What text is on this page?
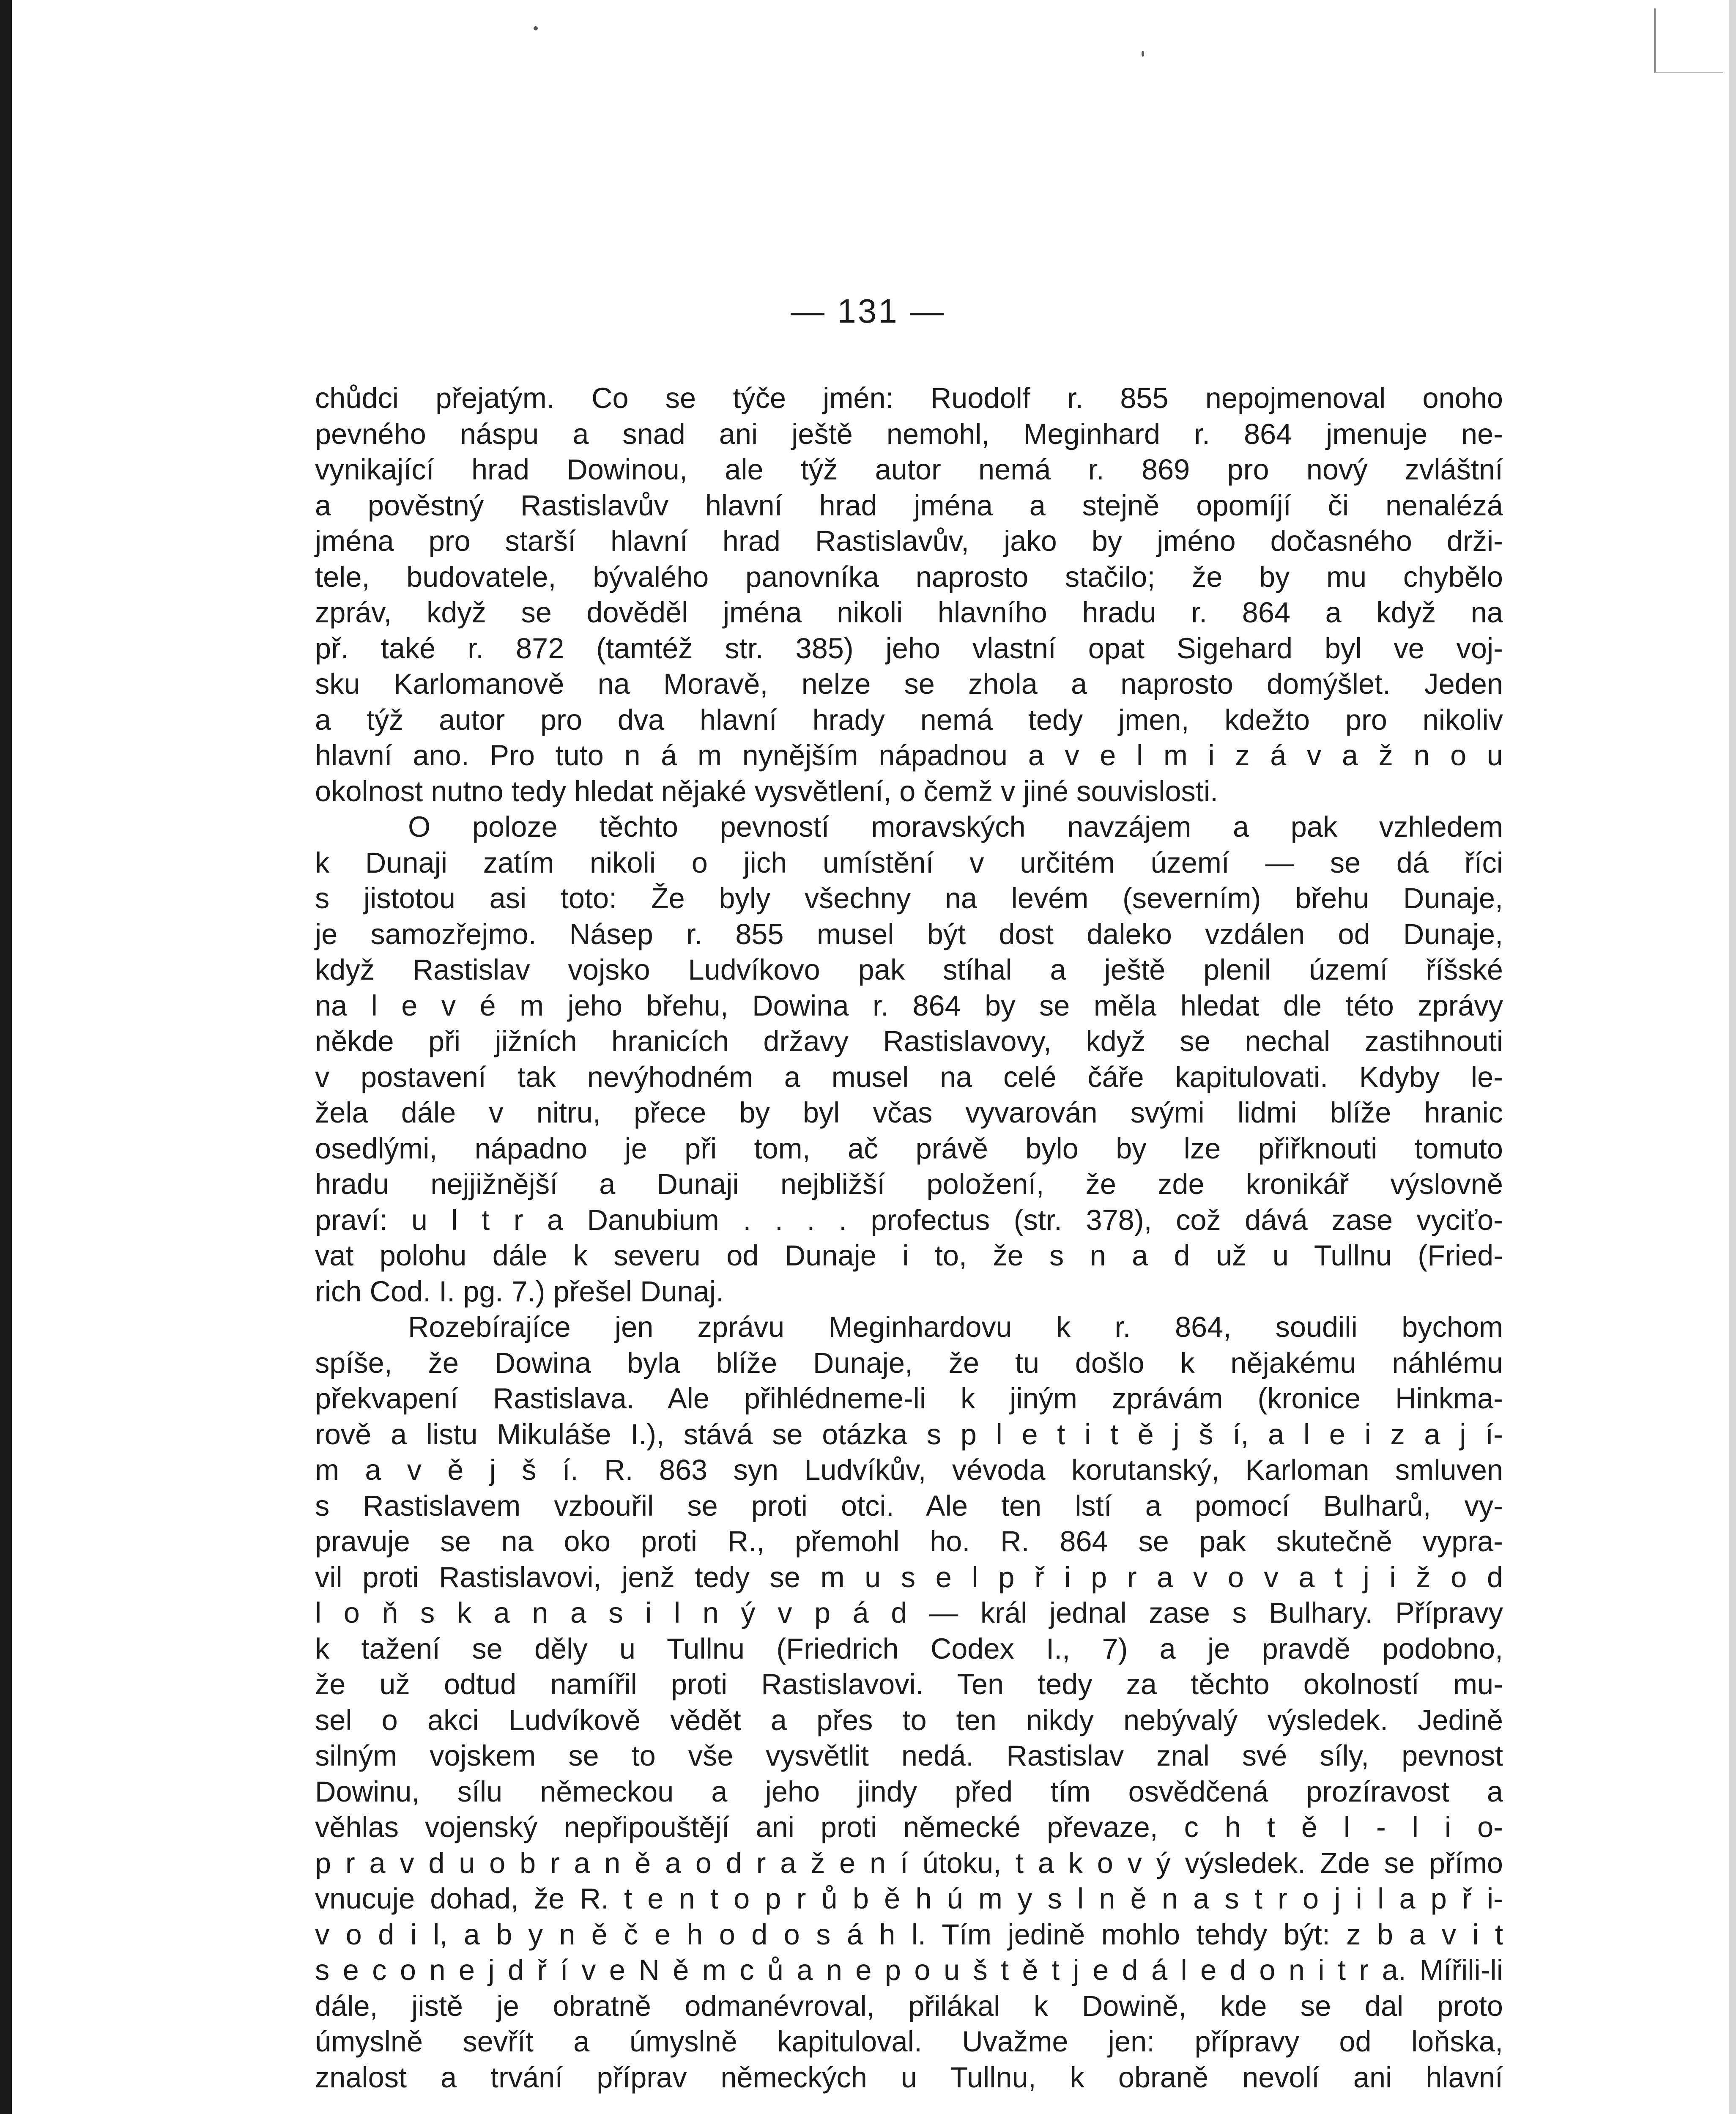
— 131 —

chůdci přejatým. Co se týče jmén: Ruodolf r. 855 nepojmenoval onoho
pevného náspu a snad ani ještě nemohl, Meginhard r. 864 jmenuje ne-
vynikající hrad Dowinou, ale týž autor nemá r. 869 pro nový zvláštní
a pověstný Rastislavův hlavní hrad jména a stejně opomíjí či nenalézá
jména pro starší hlavní hrad Rastislavův, jako by jméno dočasného drži-
tele, budovatele, bývalého panovníka naprosto stačilo; že by mu chybělo
zpráv, když se dověděl jména nikoli hlavního hradu r. 864 a když na
př. také r. 872 (tamtéž str. 385) jeho vlastní opat Sigehard byl ve voj-
sku Karlomanově na Moravě, nelze se zhola a naprosto domýšlet. Jeden
a týž autor pro dva hlavní hrady nemá tedy jmen, kdežto pro nikoliv
hlavní ano. Pro tuto n á m nynějším nápadnou a v e l m i z á v a ž n o u
okolnost nutno tedy hledat nějaké vysvětlení, o čemž v jiné souvislosti.

O poloze těchto pevností moravských navzájem a pak vzhledem
k Dunaji zatím nikoli o jich umístění v určitém území — se dá říci
s jistotou asi toto: Že byly všechny na levém (severním) břehu Dunaje,
je samozřejmo. Násep r. 855 musel být dost daleko vzdálen od Dunaje,
když Rastislav vojsko Ludvíkovo pak stíhal a ještě plenil území říšské
na l e v é m jeho břehu, Dowina r. 864 by se měla hledat dle této zprávy
někde při jižních hranicích državy Rastislavovy, když se nechal zastihnouti
v postavení tak nevýhodném a musel na celé čáře kapitulovati. Kdyby le-
žela dále v nitru, přece by byl včas vyvarován svými lidmi blíže hranic
osedlými, nápadno je při tom, ač právě bylo by lze přiřknouti tomuto
hradu nejjižnější a Dunaji nejbližší položení, že zde kronikář výslovně
praví: u l t r a Danubium . . . . profectus (str. 378), což dává zase vyciťo-
vat polohu dále k severu od Dunaje i to, že s n a d už u Tullnu (Fried-
rich Cod. I. pg. 7.) přešel Dunaj.

Rozebírajíce jen zprávu Meginhardovu k r. 864, soudili bychom
spíše, že Dowina byla blíže Dunaje, že tu došlo k nějakému náhlému
překvapení Rastislava. Ale přihlédneme-li k jiným zprávám (kronice Hinkma-
rově a listu Mikuláše I.), stává se otázka s p l e t i t ě j š í, a l e i z a j í-
m a v ě j š í. R. 863 syn Ludvíkův, vévoda korutanský, Karloman smluven
s Rastislavem vzbouřil se proti otci. Ale ten lstí a pomocí Bulharů, vy-
pravuje se na oko proti R., přemohl ho. R. 864 se pak skutečně vypra-
vil proti Rastislavovi, jenž tedy se m u s e l p ř i p r a v o v a t j i ž o d
l o ň s k a n a s i l n ý v p á d — král jednal zase s Bulhary. Přípravy
k tažení se děly u Tullnu (Friedrich Codex I., 7) a je pravdě podobno,
že už odtud namířil proti Rastislavovi. Ten tedy za těchto okolností mu-
sel o akci Ludvíkově vědět a přes to ten nikdy nebývalý výsledek. Jedině
silným vojskem se to vše vysvětlit nedá. Rastislav znal své síly, pevnost
Dowinu, sílu německou a jeho jindy před tím osvědčená prozíravost a
věhlas vojenský nepřipouštějí ani proti německé převaze, c h t ě l - l i o-
p r a v d u o b r a n ě a o d r a ž e n í útoku, t a k o v ý výsledek. Zde se přímo
vnucuje dohad, že R. t e n t o p r ů b ě h ú m y s l n ě n a s t r o j i l a p ř i-
v o d i l, a b y n ě č e h o d o s á h l. Tím jedině mohlo tehdy být: z b a v i t
s e c o n e j d ř í v e N ě m c ů a n e p o u š t ě t j e d á l e d o n i t r a. Mířili-li
dále, jistě je obratně odmanévroval, přilákal k Dowině, kde se dal proto
úmyslně sevřít a úmyslně kapituloval. Uvažme jen: přípravy od loňska,
znalost a trvání příprav německých u Tullnu, k obraně nevolí ani hlavní
